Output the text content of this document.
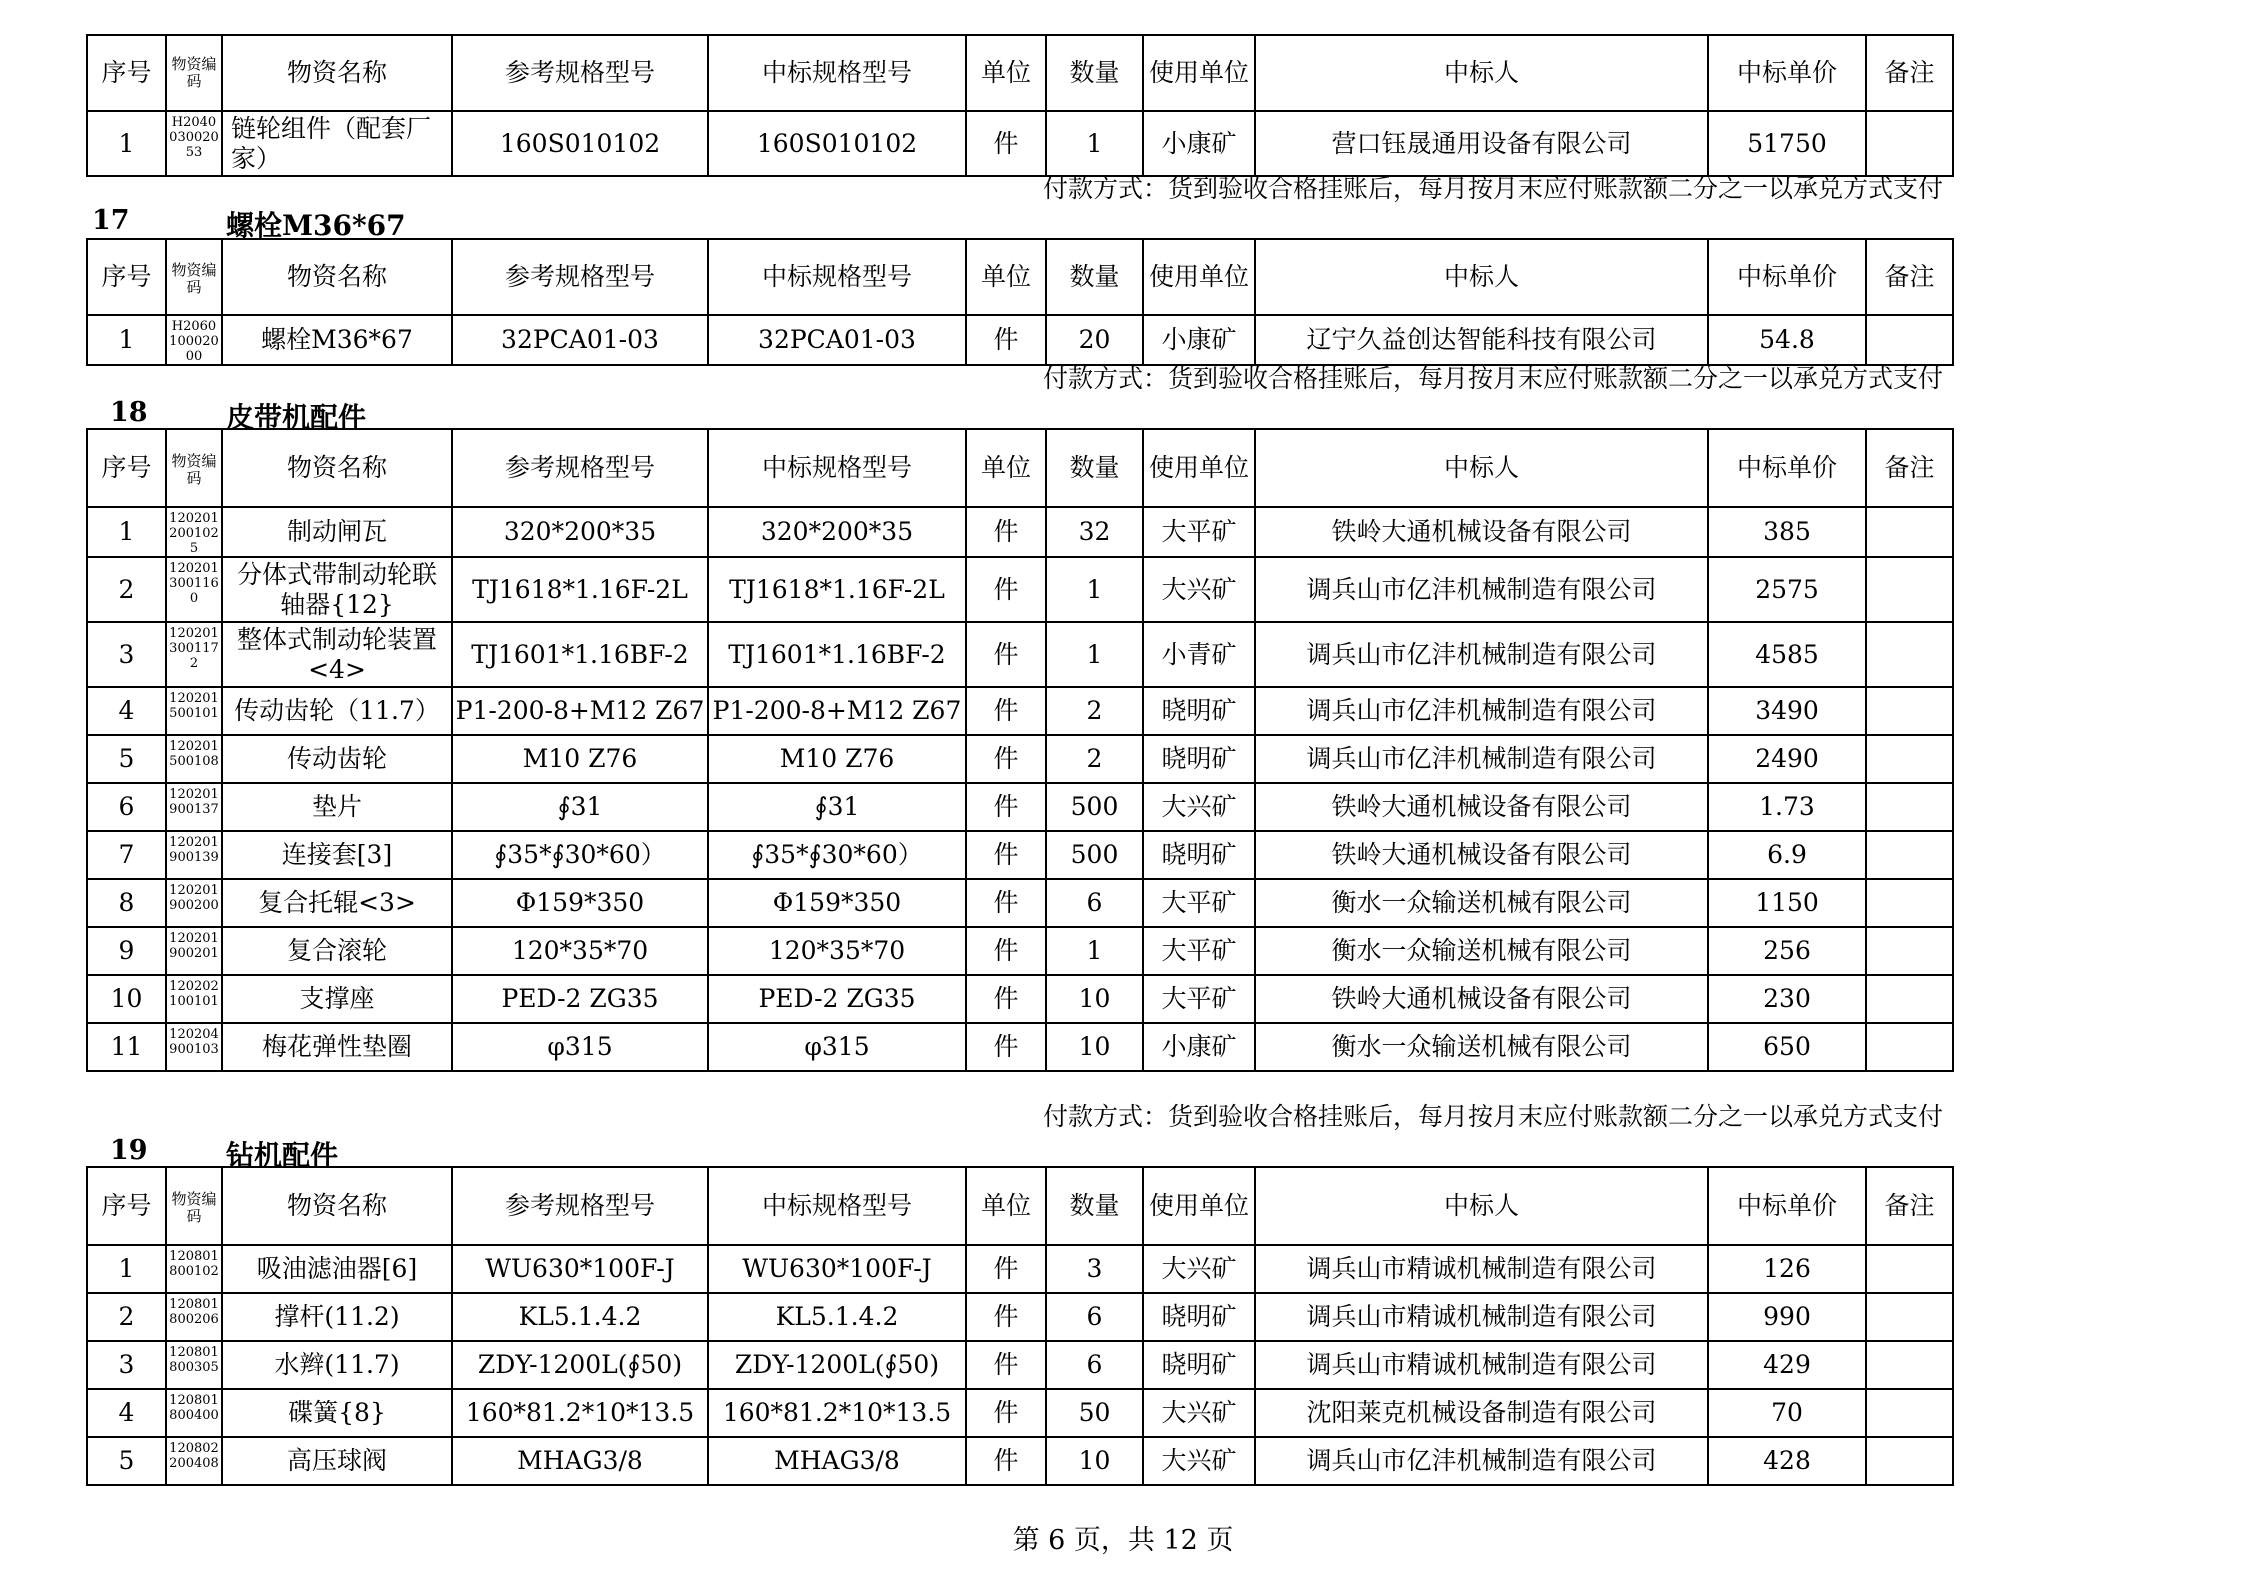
序号	物资编码	物资名称	参考规格型号	中标规格型号	单位	数量	使用单位	中标人	中标单价	备注
1	H204003002053	链轮组件（配套厂家）	160S010102	160S010102	件	1	小康矿	营口钰晟通用设备有限公司	51750	
付款方式：货到验收合格挂账后，每月按月末应付账款额二分之一以承兑方式支付
17	螺栓M36*67
序号	物资编码	物资名称	参考规格型号	中标规格型号	单位	数量	使用单位	中标人	中标单价	备注
1	H206010002000	螺栓M36*67	32PCA01-03	32PCA01-03	件	20	小康矿	辽宁久益创达智能科技有限公司	54.8	
付款方式：货到验收合格挂账后，每月按月末应付账款额二分之一以承兑方式支付
18	皮带机配件
序号	物资编码	物资名称	参考规格型号	中标规格型号	单位	数量	使用单位	中标人	中标单价	备注
1	1202012001025	制动闸瓦	320*200*35	320*200*35	件	32	大平矿	铁岭大通机械设备有限公司	385	
2	1202013001160	分体式带制动轮联轴器{12}	TJ1618*1.16F-2L	TJ1618*1.16F-2L	件	1	大兴矿	调兵山市亿沣机械制造有限公司	2575	
3	1202013001172	整体式制动轮装置<4>	TJ1601*1.16BF-2	TJ1601*1.16BF-2	件	1	小青矿	调兵山市亿沣机械制造有限公司	4585	
4	120201500101	传动齿轮（11.7）	P1-200-8+M12 Z67	P1-200-8+M12 Z67	件	2	晓明矿	调兵山市亿沣机械制造有限公司	3490	
5	120201500108	传动齿轮	M10 Z76	M10 Z76	件	2	晓明矿	调兵山市亿沣机械制造有限公司	2490	
6	120201900137	垫片	∮31	∮31	件	500	大兴矿	铁岭大通机械设备有限公司	1.73	
7	120201900139	连接套[3]	∮35*∮30*60）	∮35*∮30*60）	件	500	晓明矿	铁岭大通机械设备有限公司	6.9	
8	120201900200	复合托辊<3>	Φ159*350	Φ159*350	件	6	大平矿	衡水一众输送机械有限公司	1150	
9	120201900201	复合滚轮	120*35*70	120*35*70	件	1	大平矿	衡水一众输送机械有限公司	256	
10	120202100101	支撑座	PED-2 ZG35	PED-2 ZG35	件	10	大平矿	铁岭大通机械设备有限公司	230	
11	120204900103	梅花弹性垫圈	φ315	φ315	件	10	小康矿	衡水一众输送机械有限公司	650	
付款方式：货到验收合格挂账后，每月按月末应付账款额二分之一以承兑方式支付
19	钻机配件
序号	物资编码	物资名称	参考规格型号	中标规格型号	单位	数量	使用单位	中标人	中标单价	备注
1	120801800102	吸油滤油器[6]	WU630*100F-J	WU630*100F-J	件	3	大兴矿	调兵山市精诚机械制造有限公司	126	
2	120801800206	撑杆(11.2)	KL5.1.4.2	KL5.1.4.2	件	6	晓明矿	调兵山市精诚机械制造有限公司	990	
3	120801800305	水辫(11.7)	ZDY-1200L(∮50)	ZDY-1200L(∮50)	件	6	晓明矿	调兵山市精诚机械制造有限公司	429	
4	120801800400	碟簧{8}	160*81.2*10*13.5	160*81.2*10*13.5	件	50	大兴矿	沈阳莱克机械设备制造有限公司	70	
5	120802200408	高压球阀	MHAG3/8	MHAG3/8	件	10	大兴矿	调兵山市亿沣机械制造有限公司	428	
第 6 页，共 12 页
